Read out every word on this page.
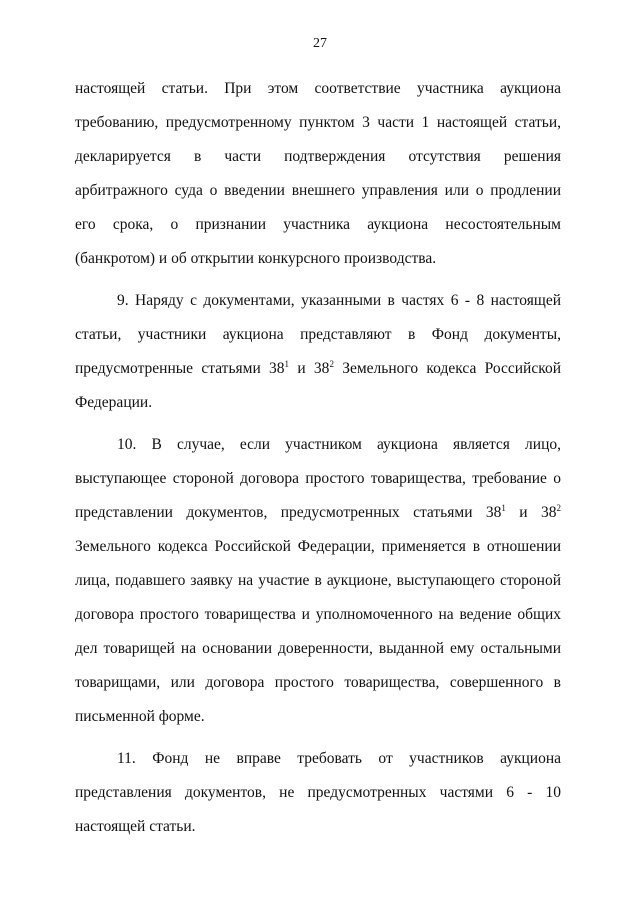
27

настоящей статьи. При этом соответствие участника аукциона требованию, предусмотренному пунктом 3 части 1 настоящей статьи, декларируется в части подтверждения отсутствия решения арбитражного суда о введении внешнего управления или о продлении его срока, о признании участника аукциона несостоятельным (банкротом) и об открытии конкурсного производства.

9. Наряду с документами, указанными в частях 6 - 8 настоящей статьи, участники аукциона представляют в Фонд документы, предусмотренные статьями $38^1$ и $38^2$ Земельного кодекса Российской Федерации.

10. В случае, если участником аукциона является лицо, выступающее стороной договора простого товарищества, требование о представлении документов, предусмотренных статьями $38^1$ и $38^2$ Земельного кодекса Российской Федерации, применяется в отношении лица, подавшего заявку на участие в аукционе, выступающего стороной договора простого товарищества и уполномоченного на ведение общих дел товарищей на основании доверенности, выданной ему остальными товарищами, или договора простого товарищества, совершенного в письменной форме.

11. Фонд не вправе требовать от участников аукциона представления документов, не предусмотренных частями 6 - 10 настоящей статьи.
